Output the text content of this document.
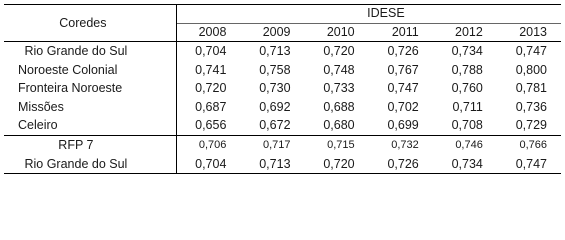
Coredes	IDESE					
	2008	2009	2010	2011	2012	2013
Rio Grande do Sul	0,704	0,713	0,720	0,726	0,734	0,747
Noroeste Colonial	0,741	0,758	0,748	0,767	0,788	0,800
Fronteira Noroeste	0,720	0,730	0,733	0,747	0,760	0,781
Missões	0,687	0,692	0,688	0,702	0,711	0,736
Celeiro	0,656	0,672	0,680	0,699	0,708	0,729
RFP 7	0,706	0,717	0,715	0,732	0,746	0,766
Rio Grande do Sul	0,704	0,713	0,720	0,726	0,734	0,747
